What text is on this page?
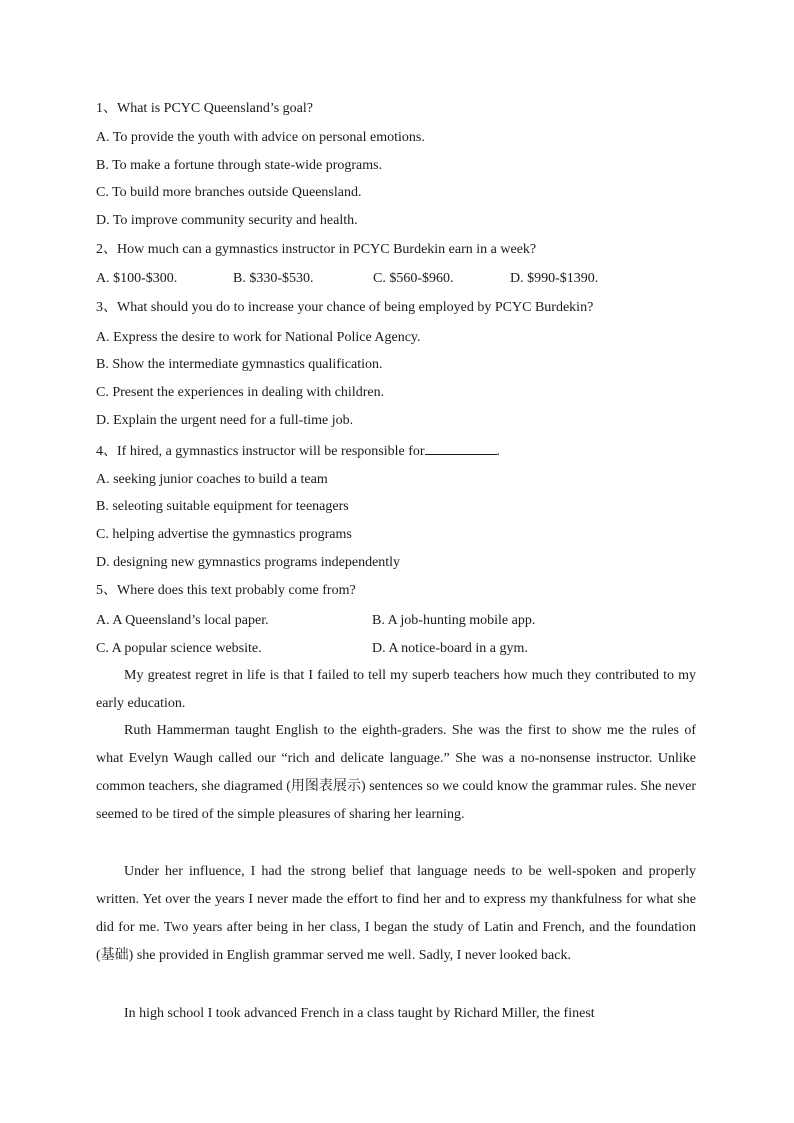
1、What is PCYC Queensland’s goal?
A. To provide the youth with advice on personal emotions.
B. To make a fortune through state-wide programs.
C. To build more branches outside Queensland.
D. To improve community security and health.
2、How much can a gymnastics instructor in PCYC Burdekin earn in a week?
A. $100-$300.	B. $330-$530.	C. $560-$960.	D. $990-$1390.
3、What should you do to increase your chance of being employed by PCYC Burdekin?
A. Express the desire to work for National Police Agency.
B. Show the intermediate gymnastics qualification.
C. Present the experiences in dealing with children.
D. Explain the urgent need for a full-time job.
4、If hired, a gymnastics instructor will be responsible for	.
A. seeking junior coaches to build a team
B. seleoting suitable equipment for teenagers
C. helping advertise the gymnastics programs
D. designing new gymnastics programs independently
5、Where does this text probably come from?
A. A Queensland’s local paper.	B. A job-hunting mobile app.
C. A popular science website.	D. A notice-board in a gym.
My greatest regret in life is that I failed to tell my superb teachers how much they contributed to my early education.
Ruth Hammerman taught English to the eighth-graders. She was the first to show me the rules of what Evelyn Waugh called our “rich and delicate language.” She was a no-nonsense instructor. Unlike common teachers, she diagramed (用图表展示) sentences so we could know the grammar rules. She never seemed to be tired of the simple pleasures of sharing her learning.
Under her influence, I had the strong belief that language needs to be well-spoken and properly written. Yet over the years I never made the effort to find her and to express my thankfulness for what she did for me. Two years after being in her class, I began the study of Latin and French, and the foundation (基础) she provided in English grammar served me well. Sadly, I never looked back.
In high school I took advanced French in a class taught by Richard Miller, the finest
